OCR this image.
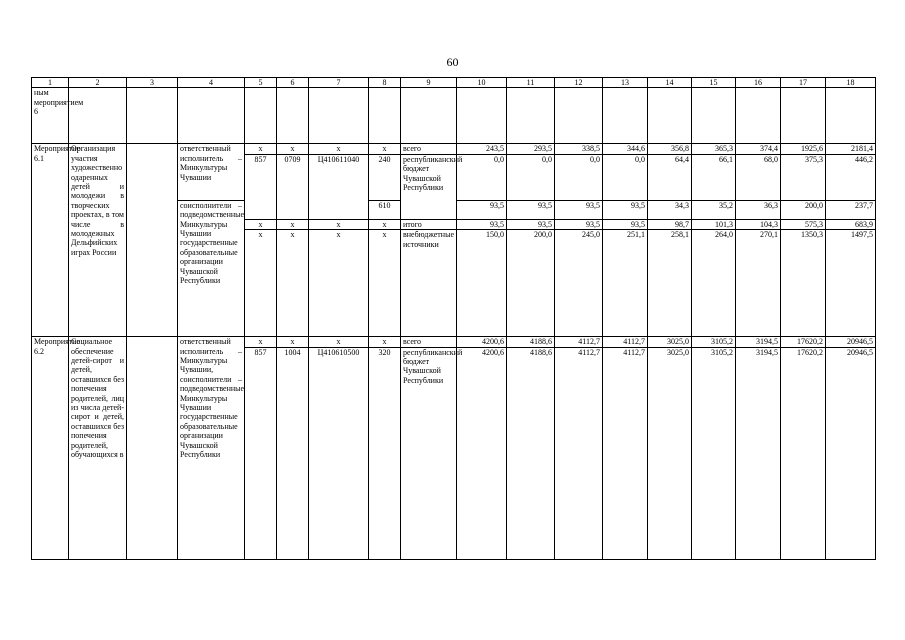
60
1	2	3	4	5	6	7	8	9	10	11	12	13	14	15	16	17	18
ным мероприятием 6																	
Мероприятие 6.1	Организация участия художественно одаренных детей и молодежи в творческих проектах, в том числе в молодежных Дельфийских играх России		ответственный исполнитель – Минкультуры Чувашии	x	x	x	x	всего	243,5	293,5	338,5	344,6	356,8	365,3	374,4	1925,6	2181,4
				857	0709	Ц410611040	240	республиканский бюджет Чувашской Республики	0,0	0,0	0,0	0,0	64,4	66,1	68,0	375,3	446,2
			соисполнители – подведомственные Минкультуры Чувашии государственные образовательные организации Чувашской Республики				610		93,5	93,5	93,5	93,5	34,3	35,2	36,3	200,0	237,7
				x	x	x	x	итого	93,5	93,5	93,5	93,5	98,7	101,3	104,3	575,3	683,9
				x	x	x	x	внебюджетные источники	150,0	200,0	245,0	251,1	258,1	264,0	270,1	1350,3	1497,5
Мероприятие 6.2	Социальное обеспечение детей-сирот и детей, оставшихся без попечения родителей, лиц из числа детей-сирот и детей, оставшихся без попечения родителей, обучающихся в		ответственный исполнитель – Минкультуры Чувашии, соисполнители – подведомственные Минкультуры Чувашии государственные образовательные организации Чувашской Республики	x	x	x	x	всего	4200,6	4188,6	4112,7	4112,7	3025,0	3105,2	3194,5	17620,2	20946,5
				857	1004	Ц410610500	320	республиканский бюджет Чувашской Республики	4200,6	4188,6	4112,7	4112,7	3025,0	3105,2	3194,5	17620,2	20946,5
